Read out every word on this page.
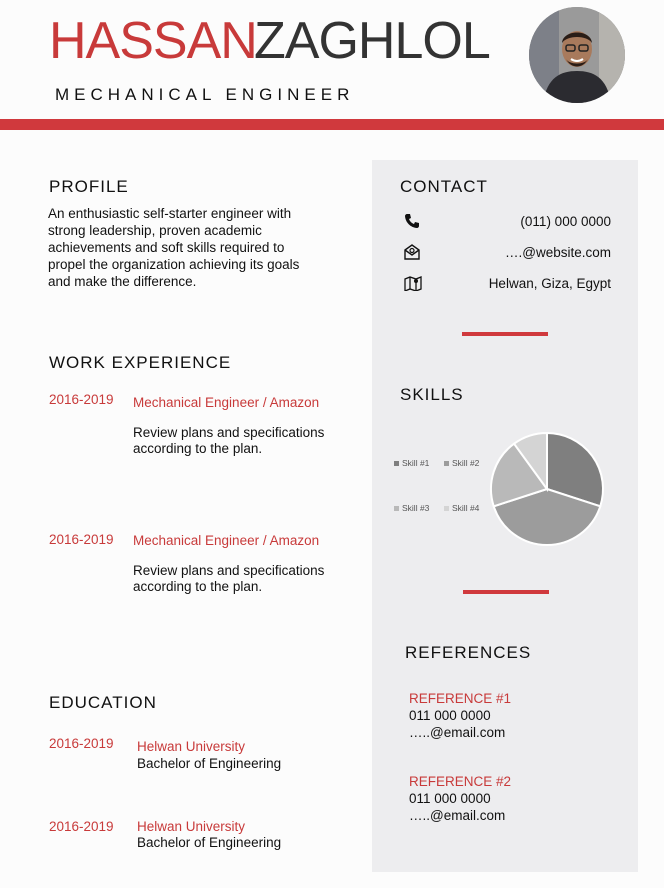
HASSAN
ZAGHLOL
MECHANICAL ENGINEER
PROFILE
An enthusiastic self-starter engineer with strong leadership, proven academic achievements and soft skills required to propel the organization achieving its goals and make the difference.
WORK EXPERIENCE
2016-2019 Mechanical Engineer / Amazon
Review plans and specifications according to the plan.
2016-2019 Mechanical Engineer / Amazon
Review plans and specifications according to the plan.
EDUCATION
2016-2019 Helwan University
Bachelor of Engineering
2016-2019 Helwan University
Bachelor of Engineering
CONTACT
(011) 000 0000
….@website.com
Helwan, Giza, Egypt
SKILLS
Skill #1	Skill #2
Skill #3	Skill #4
REFERENCES
REFERENCE #1
011 000 0000
…..@email.com
REFERENCE #2
011 000 0000
…..@email.com
